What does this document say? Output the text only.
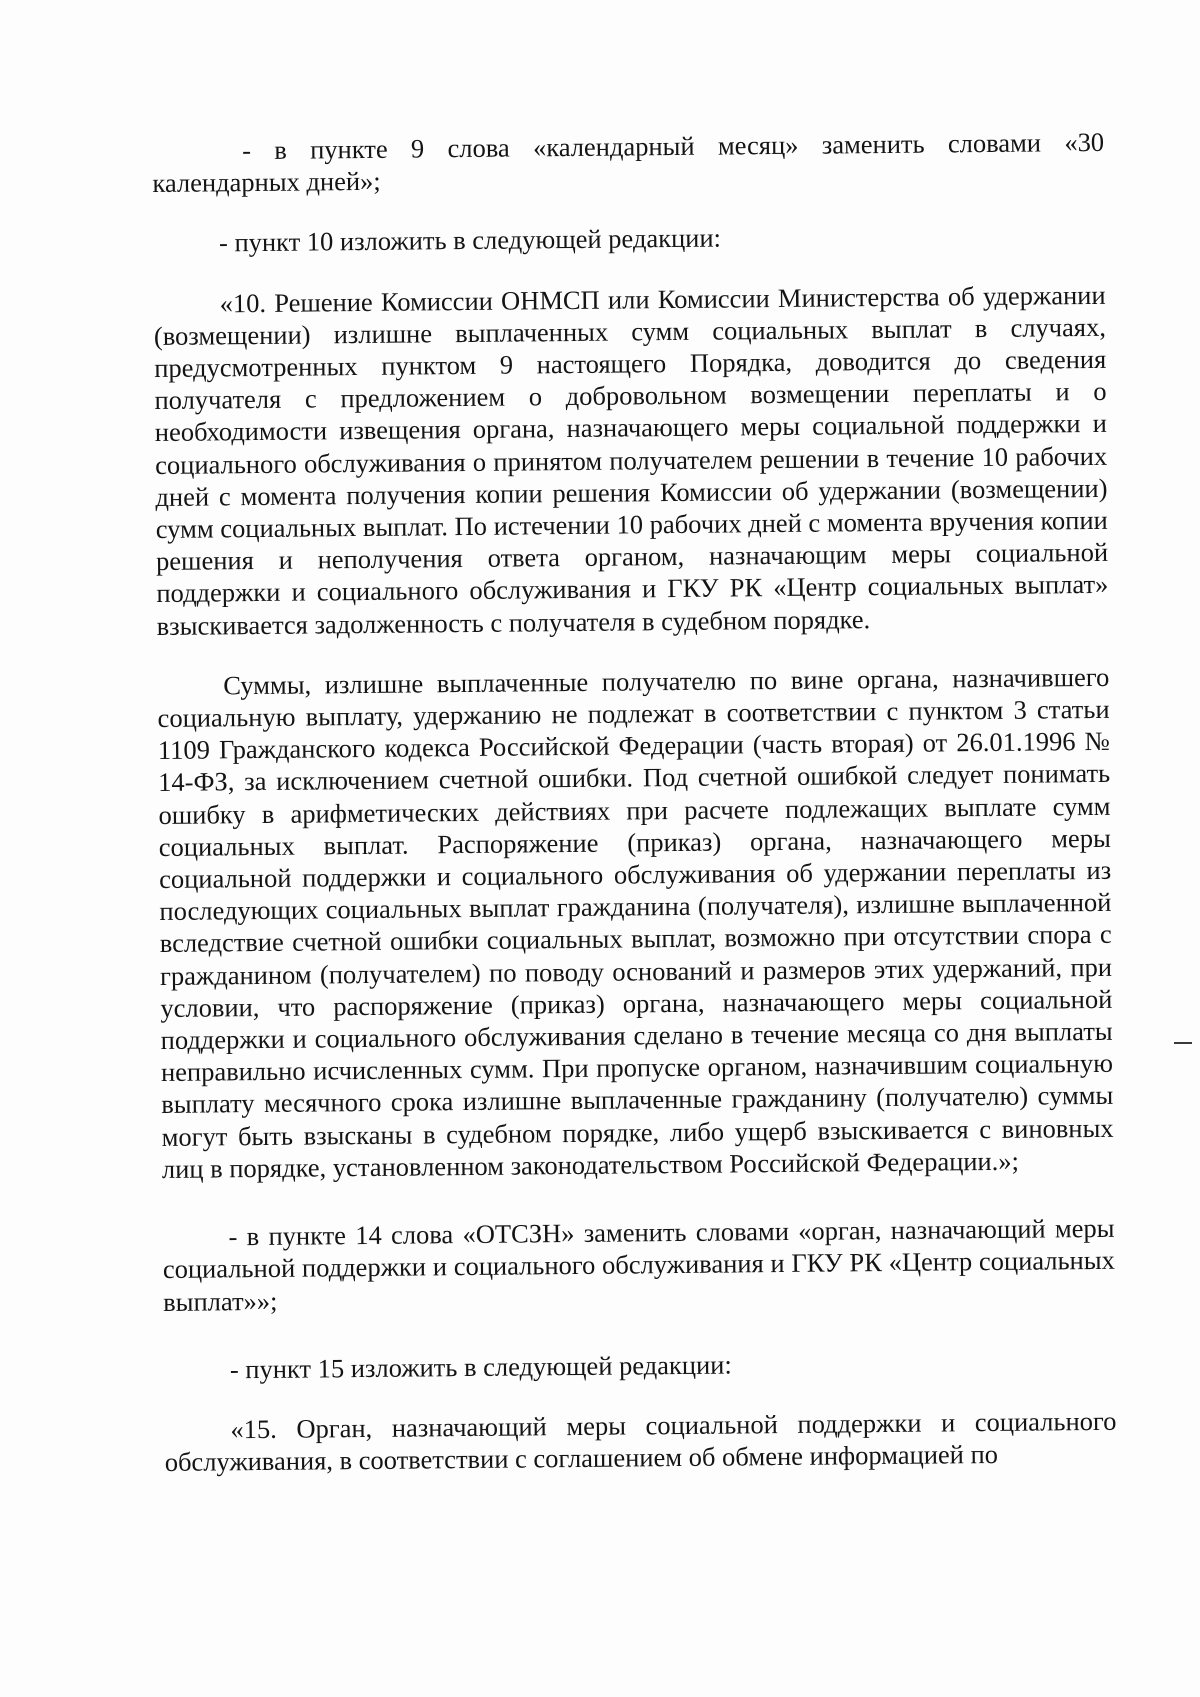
- в пункте 9 слова «календарный месяц» заменить словами «30 календарных дней»;

- пункт 10 изложить в следующей редакции:

«10. Решение Комиссии ОНМСП или Комиссии Министерства об удержании (возмещении) излишне выплаченных сумм социальных выплат в случаях, предусмотренных пунктом 9 настоящего Порядка, доводится до сведения получателя с предложением о добровольном возмещении переплаты и о необходимости извещения органа, назначающего меры социальной поддержки и социального обслуживания о принятом получателем решении в течение 10 рабочих дней с момента получения копии решения Комиссии об удержании (возмещении) сумм социальных выплат. По истечении 10 рабочих дней с момента вручения копии решения и неполучения ответа органом, назначающим меры социальной поддержки и социального обслуживания и ГКУ РК «Центр социальных выплат» взыскивается задолженность с получателя в судебном порядке.

Суммы, излишне выплаченные получателю по вине органа, назначившего социальную выплату, удержанию не подлежат в соответствии с пунктом 3 статьи 1109 Гражданского кодекса Российской Федерации (часть вторая) от 26.01.1996 № 14-ФЗ, за исключением счетной ошибки. Под счетной ошибкой следует понимать ошибку в арифметических действиях при расчете подлежащих выплате сумм социальных выплат. Распоряжение (приказ) органа, назначающего меры социальной поддержки и социального обслуживания об удержании переплаты из последующих социальных выплат гражданина (получателя), излишне выплаченной вследствие счетной ошибки социальных выплат, возможно при отсутствии спора с гражданином (получателем) по поводу оснований и размеров этих удержаний, при условии, что распоряжение (приказ) органа, назначающего меры социальной поддержки и социального обслуживания сделано в течение месяца со дня выплаты неправильно исчисленных сумм. При пропуске органом, назначившим социальную выплату месячного срока излишне выплаченные гражданину (получателю) суммы могут быть взысканы в судебном порядке, либо ущерб взыскивается с виновных лиц в порядке, установленном законодательством Российской Федерации.»;

- в пункте 14 слова «ОТСЗН» заменить словами «орган, назначающий меры социальной поддержки и социального обслуживания и ГКУ РК «Центр социальных выплат»»;

- пункт 15 изложить в следующей редакции:

«15. Орган, назначающий меры социальной поддержки и социального обслуживания, в соответствии с соглашением об обмене информацией по
